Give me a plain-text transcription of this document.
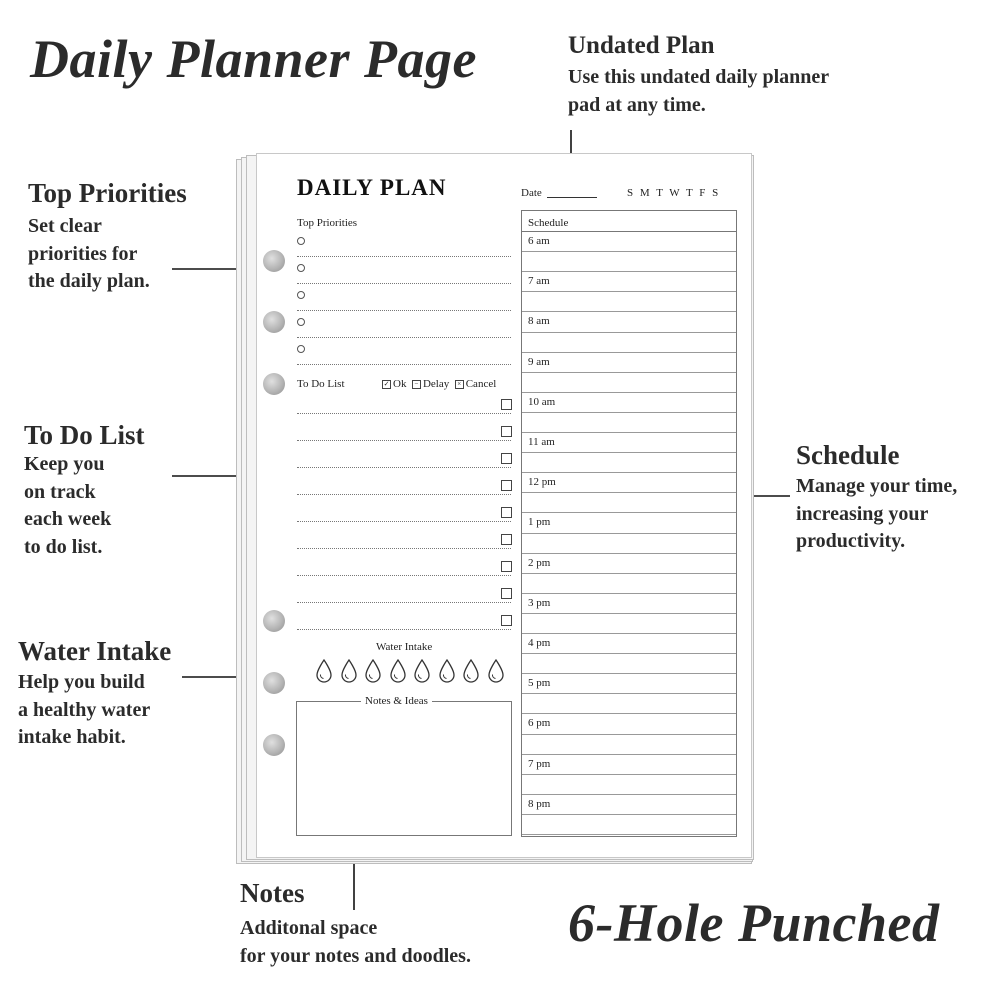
Daily Planner Page
6-Hole Punched
Undated Plan
Use this undated daily planner
pad at any time.
Top Priorities
Set clear
priorities for
the daily plan.
To Do List
Keep you
on track
each week
to do list.
Water Intake
Help you build
a healthy water
intake habit.
Schedule
Manage your time,
increasing your
productivity.
Notes
Additonal space
for your notes and doodles.
DAILY PLAN	Date	S M T W T F S
Top Priorities
To Do List	✓ Ok − Delay × Cancel
Water Intake
Notes & Ideas
Schedule
6 am
7 am
8 am
9 am
10 am
11 am
12 pm
1 pm
2 pm
3 pm
4 pm
5 pm
6 pm
7 pm
8 pm
